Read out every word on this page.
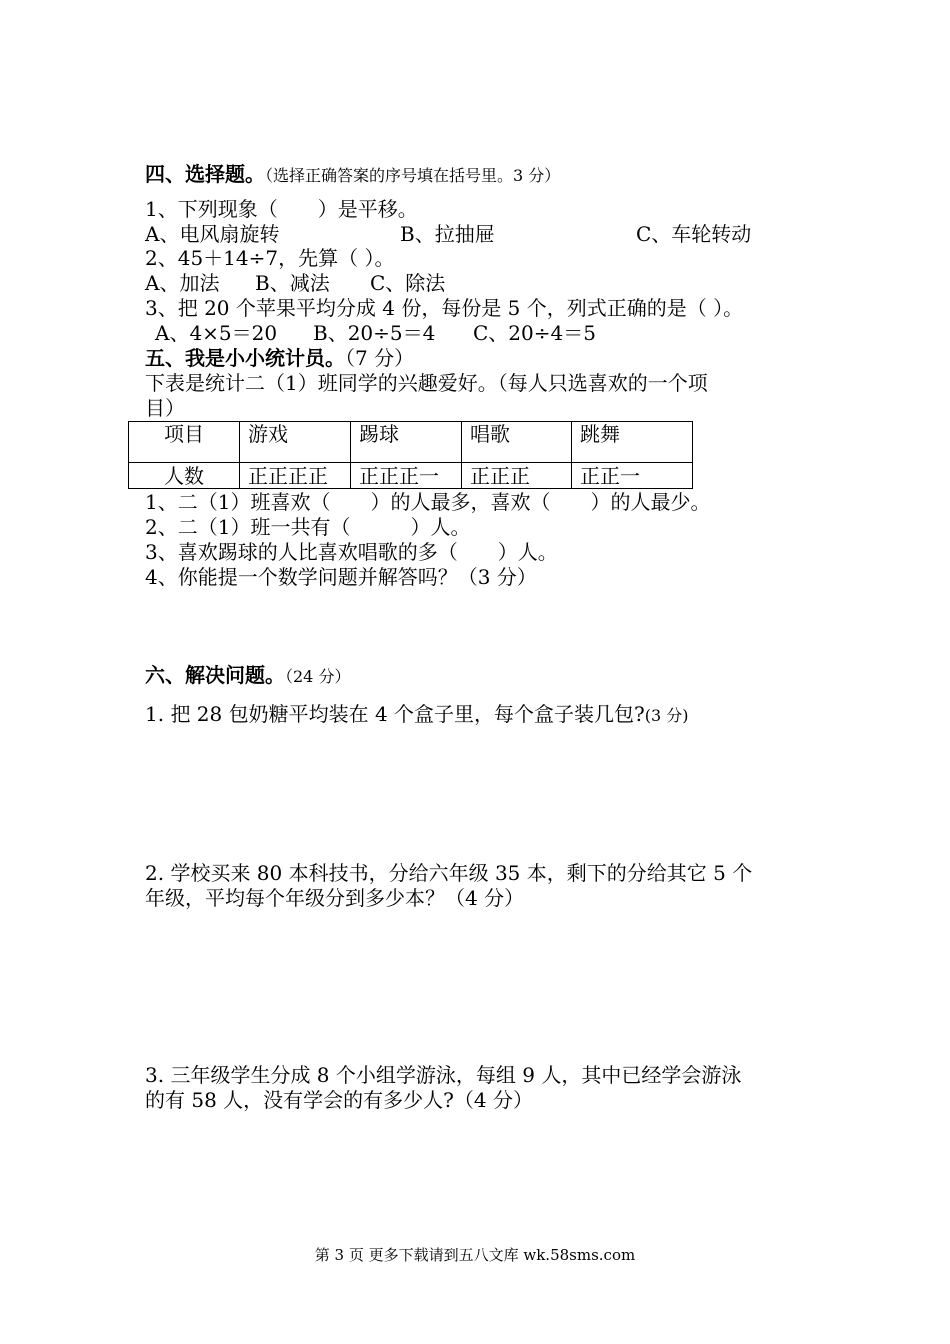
四、选择题。（选择正确答案的序号填在括号里。3 分）
1、下列现象（　　）是平移。
A、电风扇旋转	B、拉抽屉	C、车轮转动
2、45＋14÷7，先算（ ）。
A、加法 B、减法 C、除法
3、把 20 个苹果平均分成 4 份，每份是 5 个，列式正确的是（ ）。
A、4×5＝20 B、20÷5＝4 C、20÷4＝5
五、我是小小统计员。（7 分）
下表是统计二（1）班同学的兴趣爱好。（每人只选喜欢的一个项
目）
项目	游戏	踢球	唱歌	跳舞
人数	正正正正	正正正一	正正正	正正一
1、二（1）班喜欢（　　）的人最多，喜欢（　　）的人最少。
2、二（1）班一共有（　　　）人。
3、喜欢踢球的人比喜欢唱歌的多（　　）人。
4、你能提一个数学问题并解答吗？（3 分）
六、解决问题。（24 分）
1. 把 28 包奶糖平均装在 4 个盒子里，每个盒子装几包?(3 分)
2. 学校买来 80 本科技书，分给六年级 35 本，剩下的分给其它 5 个
年级，平均每个年级分到多少本？（4 分）
3. 三年级学生分成 8 个小组学游泳，每组 9 人，其中已经学会游泳
的有 58 人，没有学会的有多少人?（4 分）
第 3 页 更多下载请到五八文库 wk.58sms.com
